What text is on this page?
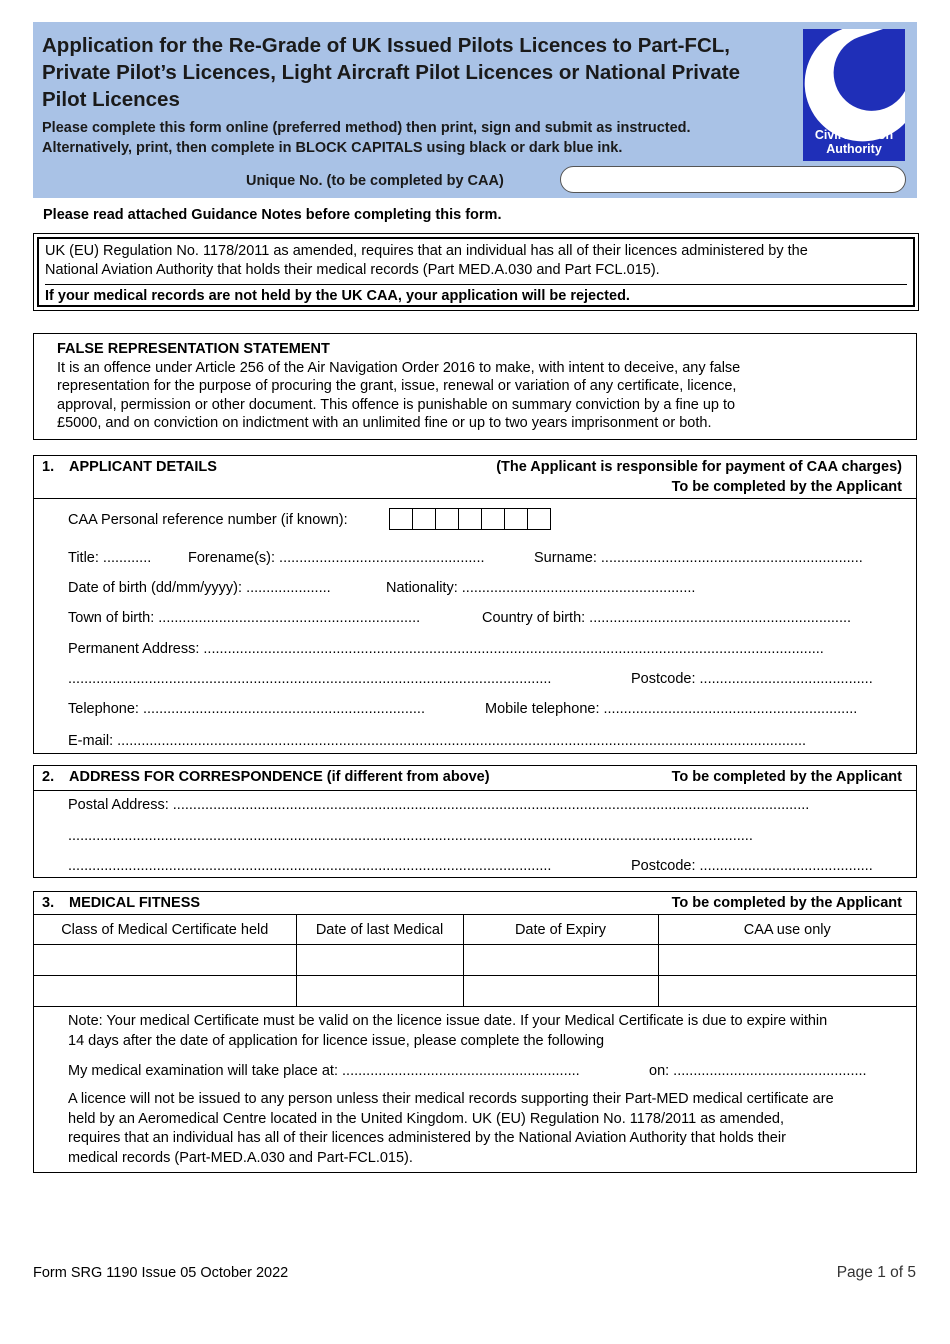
Application for the Re-Grade of UK Issued Pilots Licences to Part-FCL,
Private Pilot’s Licences, Light Aircraft Pilot Licences or National Private
Pilot Licences
Please complete this form online (preferred method) then print, sign and submit as instructed.
Alternatively, print, then complete in BLOCK CAPITALS using black or dark blue ink.
Unique No. (to be completed by CAA)
Civil Aviation
Authority
Please read attached Guidance Notes before completing this form.
UK (EU) Regulation No. 1178/2011 as amended, requires that an individual has all of their licences administered by the
National Aviation Authority that holds their medical records (Part MED.A.030 and Part FCL.015).
If your medical records are not held by the UK CAA, your application will be rejected.
FALSE REPRESENTATION STATEMENT
It is an offence under Article 256 of the Air Navigation Order 2016 to make, with intent to deceive, any false
representation for the purpose of procuring the grant, issue, renewal or variation of any certificate, licence,
approval, permission or other document. This offence is punishable on summary conviction by a fine up to
£5000, and on conviction on indictment with an unlimited fine or up to two years imprisonment or both.
1. APPLICANT DETAILS	(The Applicant is responsible for payment of CAA charges)
To be completed by the Applicant
CAA Personal reference number (if known):
Title: ............	Forename(s): ...................................................	Surname: .................................................................
Date of birth (dd/mm/yyyy): .....................	Nationality: ..........................................................
Town of birth: .................................................................	Country of birth: .................................................................
Permanent Address: ..........................................................................................................................................................
........................................................................................................................	Postcode: ...........................................
Telephone: ......................................................................	Mobile telephone: ...............................................................
E-mail: ...........................................................................................................................................................................
2. ADDRESS FOR CORRESPONDENCE (if different from above)	To be completed by the Applicant
Postal Address: ..............................................................................................................................................................
..........................................................................................................................................................................
........................................................................................................................	Postcode: ...........................................
3. MEDICAL FITNESS	To be completed by the Applicant
Class of Medical Certificate held	Date of last Medical	Date of Expiry	CAA use only

Note: Your medical Certificate must be valid on the licence issue date. If your Medical Certificate is due to expire within
14 days after the date of application for licence issue, please complete the following
My medical examination will take place at: ...........................................................	on: ................................................
A licence will not be issued to any person unless their medical records supporting their Part-MED medical certificate are
held by an Aeromedical Centre located in the United Kingdom. UK (EU) Regulation No. 1178/2011 as amended,
requires that an individual has all of their licences administered by the National Aviation Authority that holds their
medical records (Part-MED.A.030 and Part-FCL.015).
Form SRG 1190 Issue 05 October 2022	Page 1 of 5
